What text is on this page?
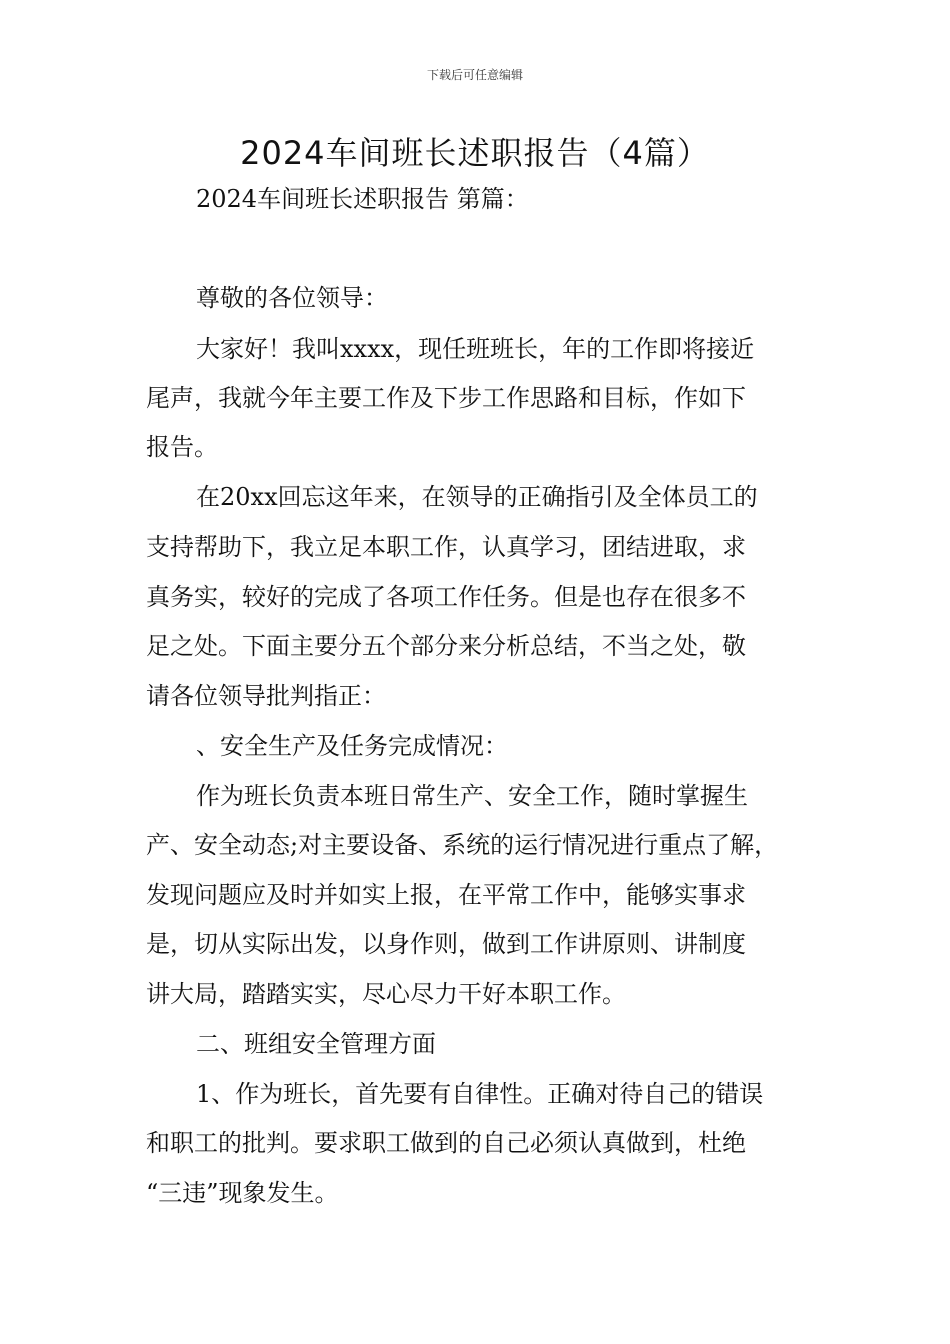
下载后可任意编辑
2024车间班长述职报告（4篇）
2024车间班长述职报告 第篇：
尊敬的各位领导：
大家好！我叫xxxx，现任班班长，年的工作即将接近
尾声，我就今年主要工作及下步工作思路和目标，作如下
报告。
在20xx回忘这年来，在领导的正确指引及全体员工的
支持帮助下，我立足本职工作，认真学习，团结进取，求
真务实，较好的完成了各项工作任务。但是也存在很多不
足之处。下面主要分五个部分来分析总结，不当之处，敬
请各位领导批判指正：
、安全生产及任务完成情况：
作为班长负责本班日常生产、安全工作，随时掌握生
产、安全动态;对主要设备、系统的运行情况进行重点了解，
发现问题应及时并如实上报，在平常工作中，能够实事求
是，切从实际出发，以身作则，做到工作讲原则、讲制度
讲大局，踏踏实实，尽心尽力干好本职工作。
二、班组安全管理方面
1、作为班长，首先要有自律性。正确对待自己的错误
和职工的批判。要求职工做到的自己必须认真做到，杜绝
“三违”现象发生。
